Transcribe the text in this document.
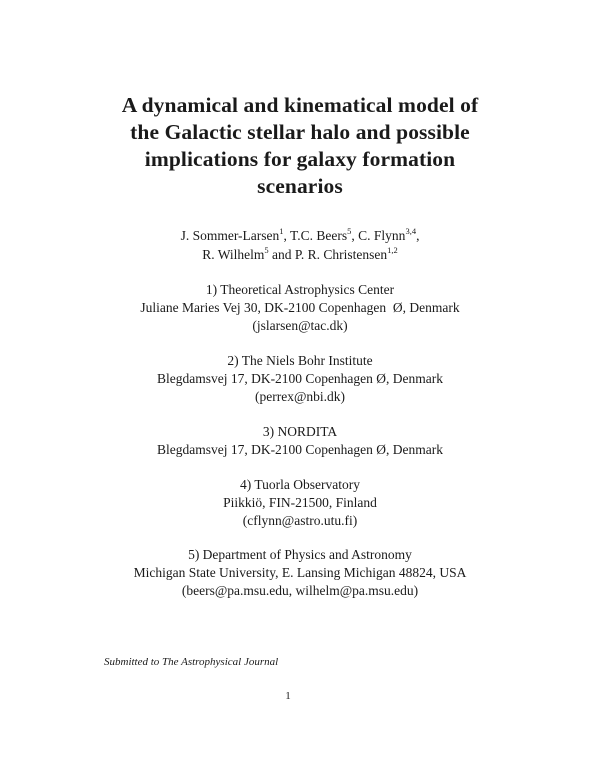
A dynamical and kinematical model of
the Galactic stellar halo and possible
implications for galaxy formation
scenarios
J. Sommer-Larsen$^1$, T.C. Beers$^5$, C. Flynn$^{3,4}$,
R. Wilhelm$^5$ and P. R. Christensen$^{1,2}$
1) Theoretical Astrophysics Center
Juliane Maries Vej 30, DK-2100 Copenhagen  Ø, Denmark
(jslarsen@tac.dk)
2) The Niels Bohr Institute
Blegdamsvej 17, DK-2100 Copenhagen Ø, Denmark
(perrex@nbi.dk)
3) NORDITA
Blegdamsvej 17, DK-2100 Copenhagen Ø, Denmark
4) Tuorla Observatory
Piikkiö, FIN-21500, Finland
(cflynn@astro.utu.fi)
5) Department of Physics and Astronomy
Michigan State University, E. Lansing Michigan 48824, USA
(beers@pa.msu.edu, wilhelm@pa.msu.edu)
Submitted to The Astrophysical Journal
1
